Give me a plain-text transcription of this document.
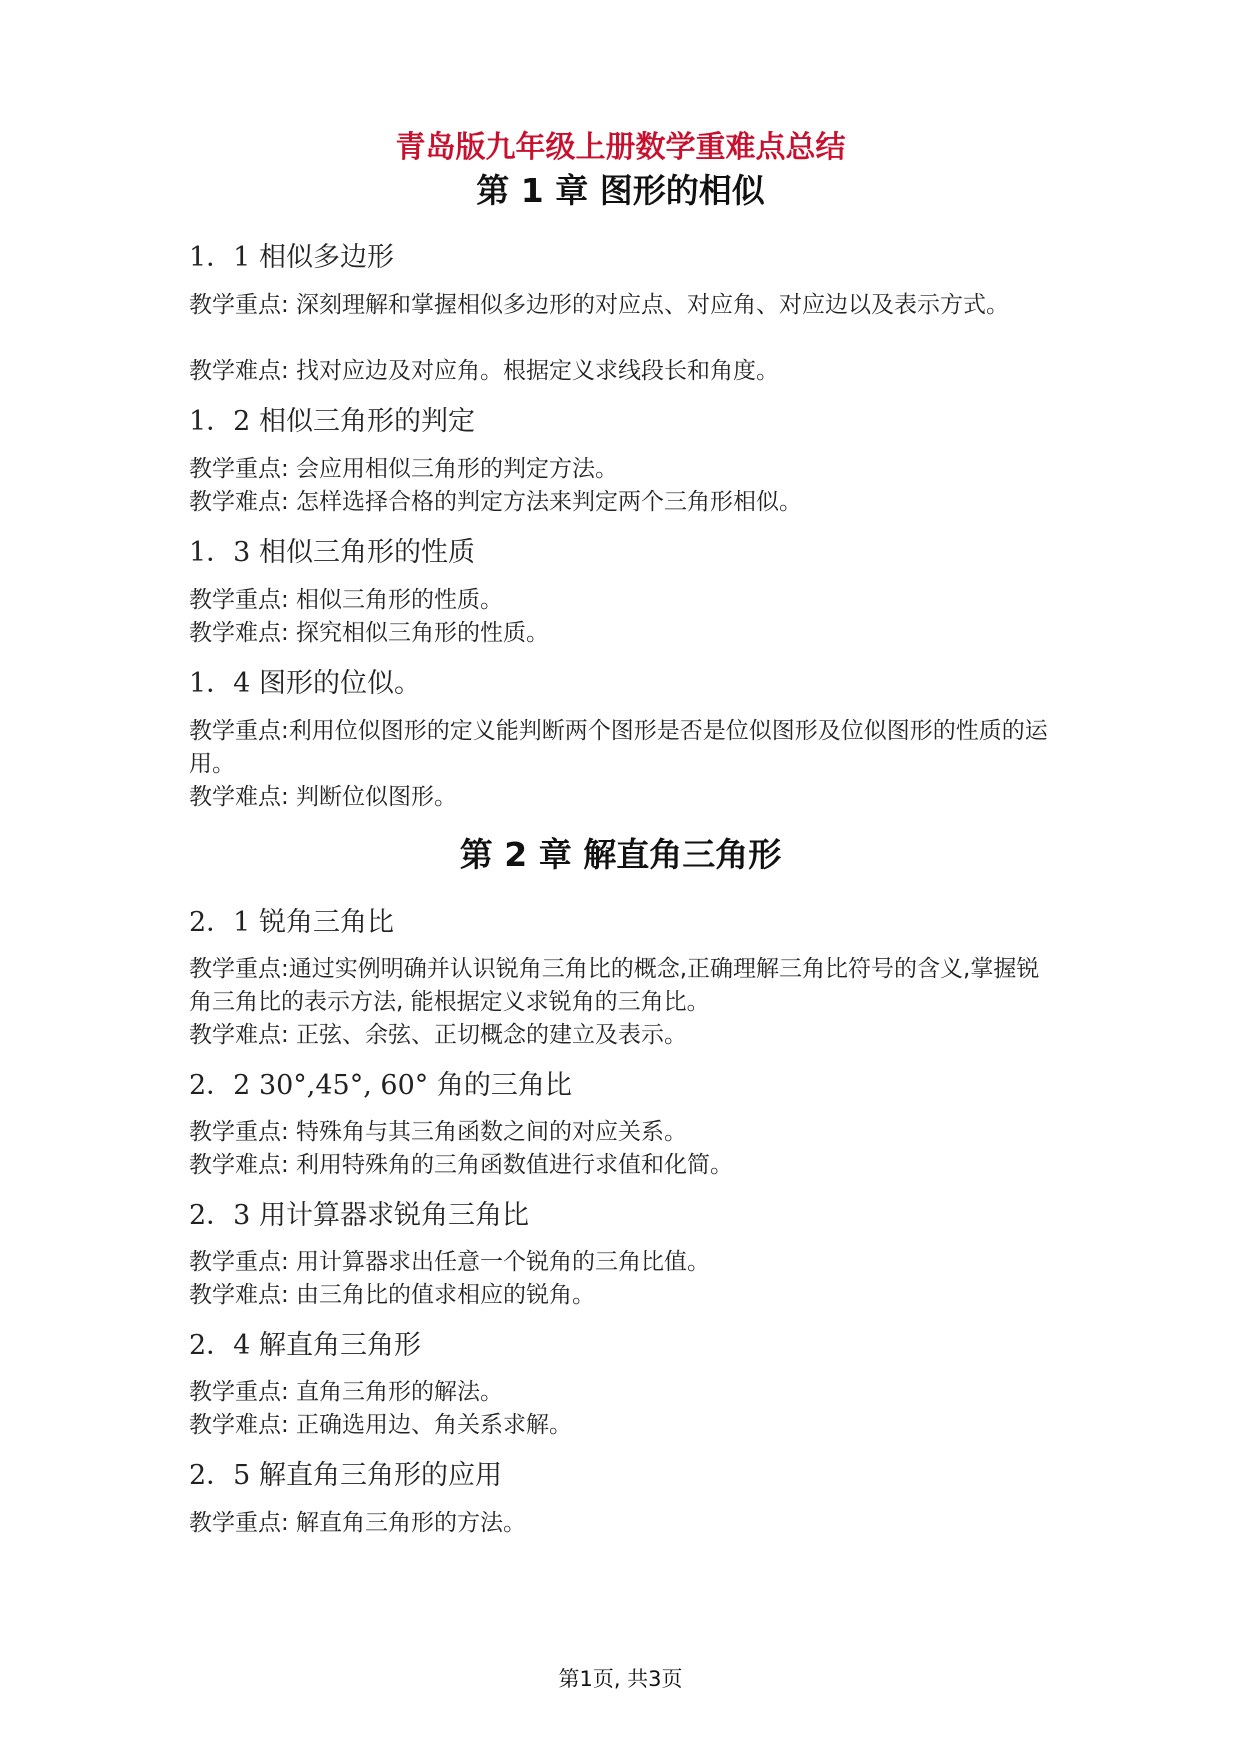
青岛版九年级上册数学重难点总结
第 1 章 图形的相似
1．1 相似多边形
教学重点: 深刻理解和掌握相似多边形的对应点、对应角、对应边以及表示方式。
教学难点: 找对应边及对应角。根据定义求线段长和角度。
1．2 相似三角形的判定
教学重点: 会应用相似三角形的判定方法。
教学难点: 怎样选择合格的判定方法来判定两个三角形相似。
1．3 相似三角形的性质
教学重点: 相似三角形的性质。
教学难点: 探究相似三角形的性质。
1．4 图形的位似。
教学重点:利用位似图形的定义能判断两个图形是否是位似图形及位似图形的性质的运用。
教学难点: 判断位似图形。
第 2 章 解直角三角形
2．1 锐角三角比
教学重点:通过实例明确并认识锐角三角比的概念,正确理解三角比符号的含义,掌握锐角三角比的表示方法, 能根据定义求锐角的三角比。
教学难点: 正弦、余弦、正切概念的建立及表示。
2．2 30°,45°, 60° 角的三角比
教学重点: 特殊角与其三角函数之间的对应关系。
教学难点: 利用特殊角的三角函数值进行求值和化简。
2．3 用计算器求锐角三角比
教学重点: 用计算器求出任意一个锐角的三角比值。
教学难点: 由三角比的值求相应的锐角。
2．4 解直角三角形
教学重点: 直角三角形的解法。
教学难点: 正确选用边、角关系求解。
2．5 解直角三角形的应用
教学重点: 解直角三角形的方法。
第1页, 共3页
